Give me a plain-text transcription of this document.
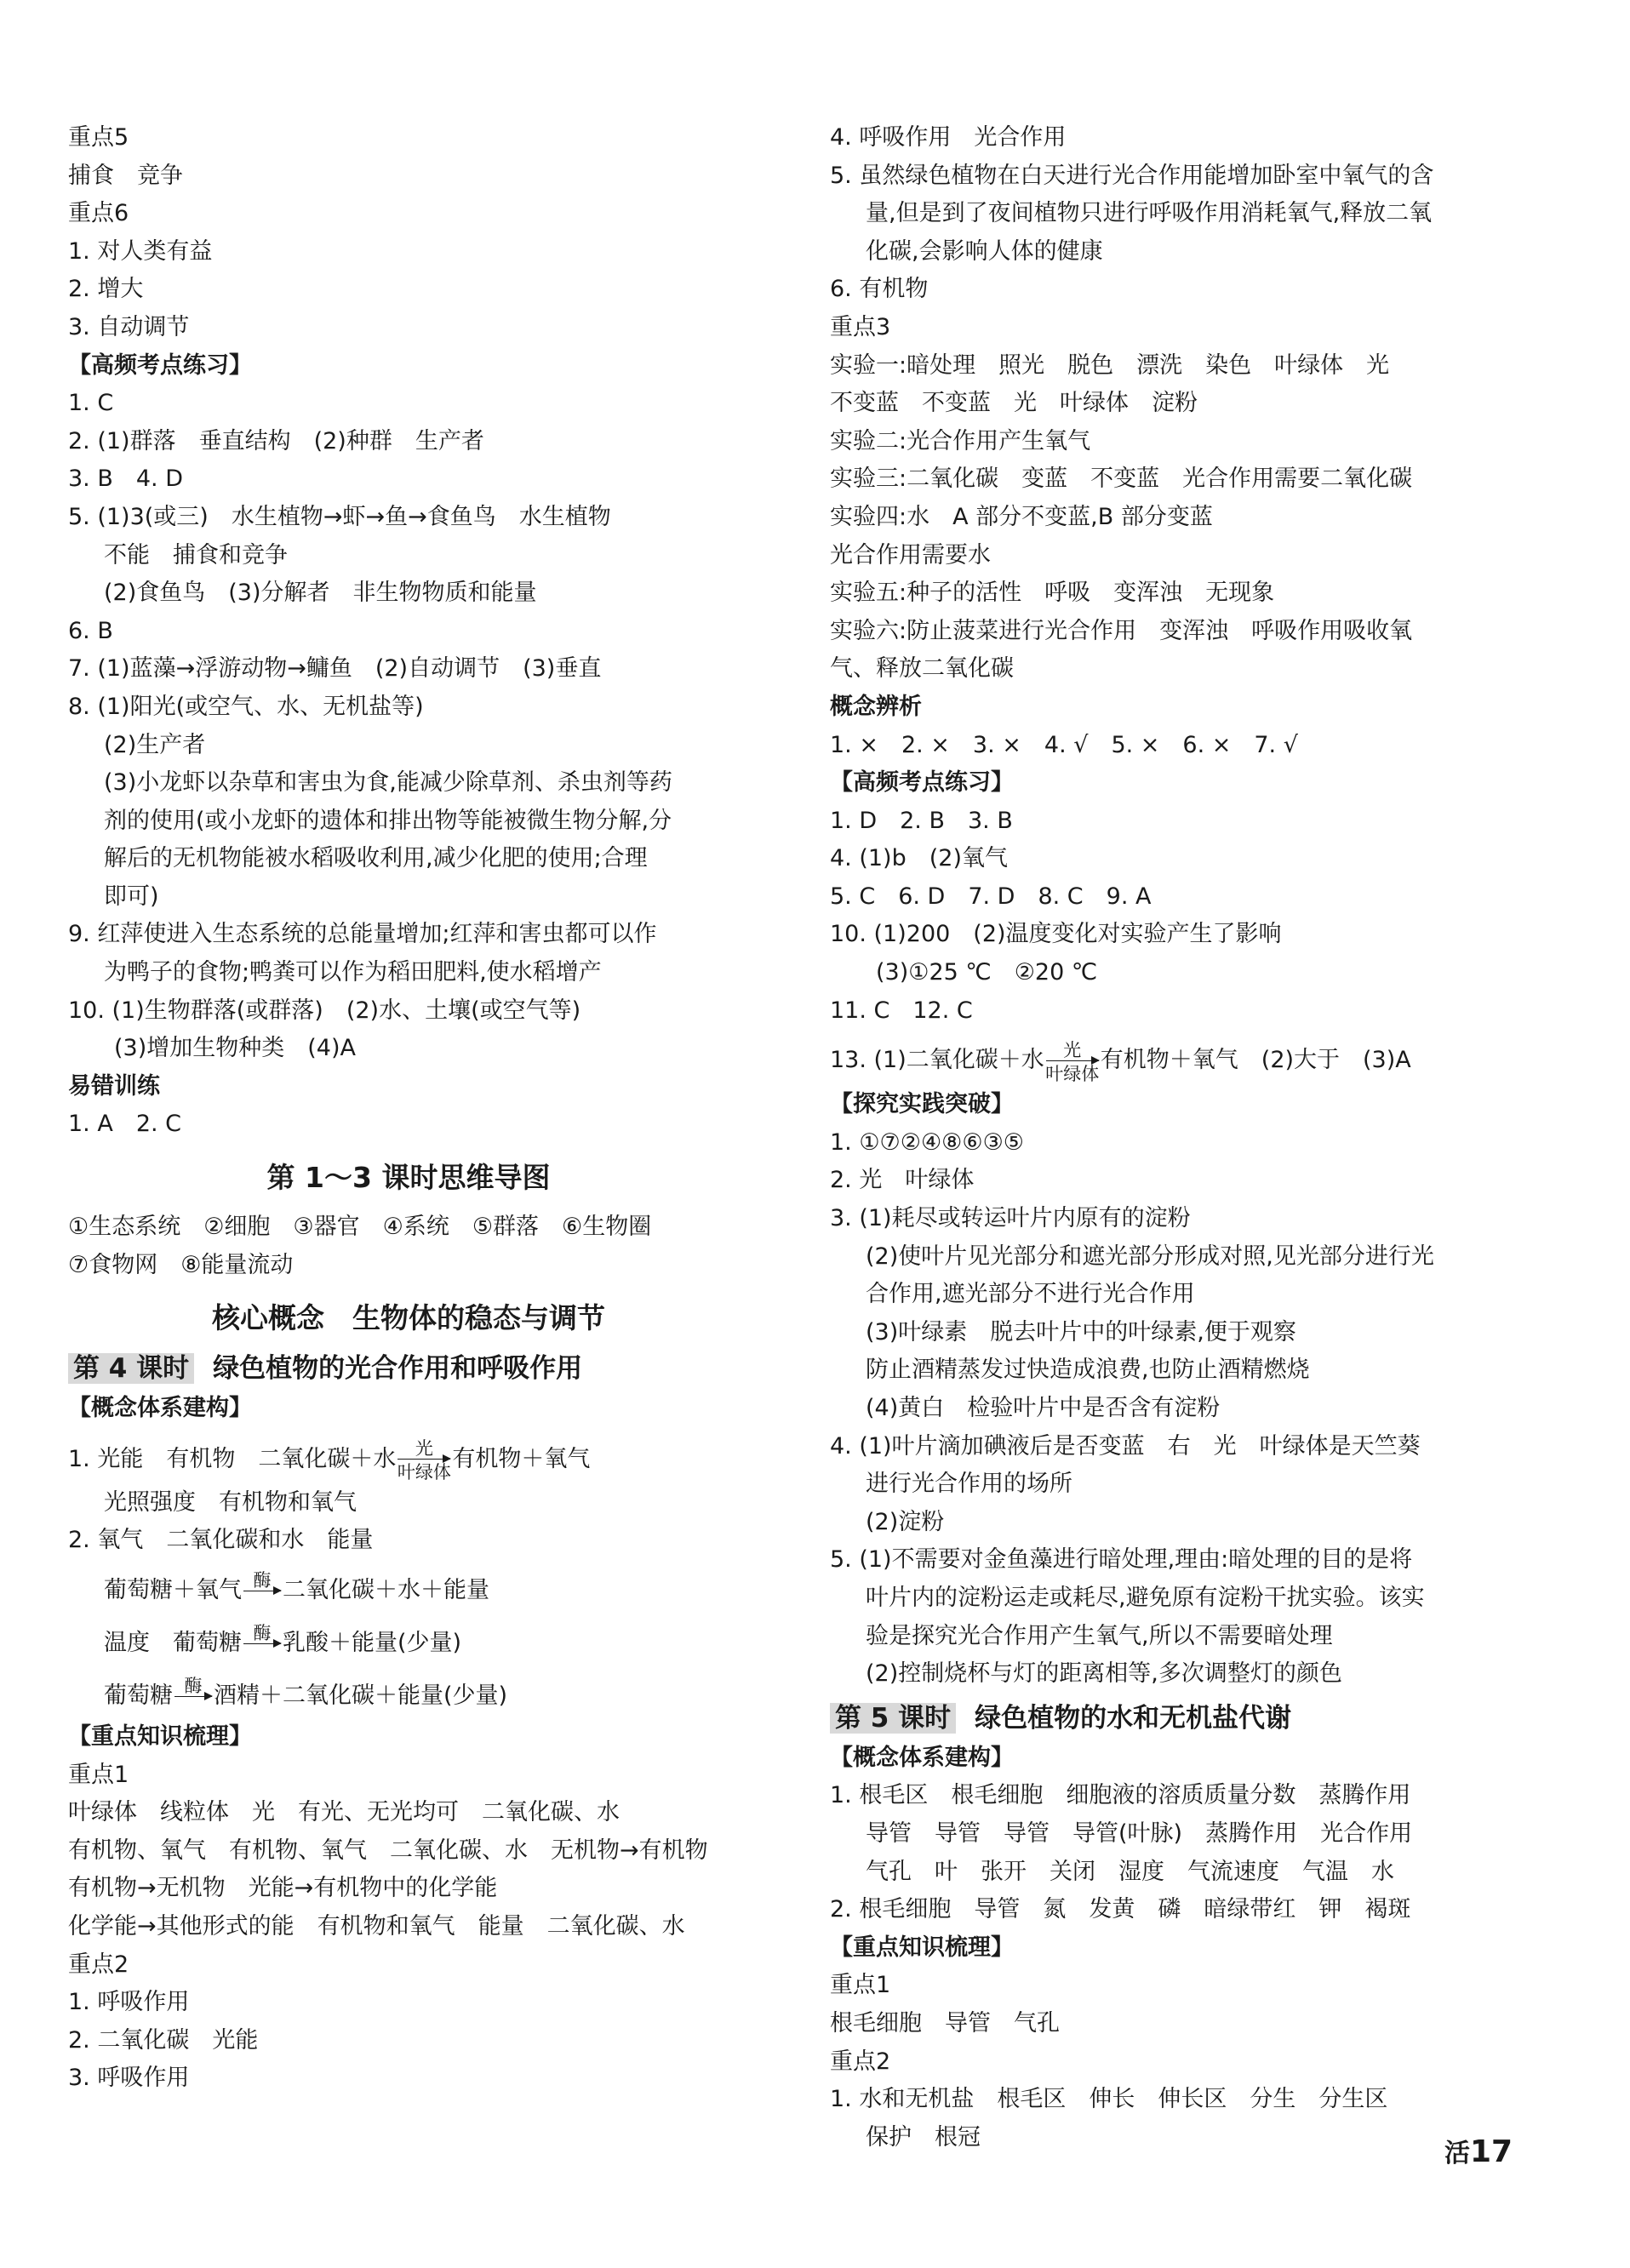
重点5
捕食　竞争
重点6
1. 对人类有益
2. 增大
3. 自动调节
【高频考点练习】
1. C
2. (1)群落　垂直结构　(2)种群　生产者
3. B　4. D
5. (1)3(或三)　水生植物→虾→鱼→食鱼鸟　水生植物
不能　捕食和竞争
(2)食鱼鸟　(3)分解者　非生物物质和能量
6. B
7. (1)蓝藻→浮游动物→鳙鱼　(2)自动调节　(3)垂直
8. (1)阳光(或空气、水、无机盐等)
(2)生产者
(3)小龙虾以杂草和害虫为食,能减少除草剂、杀虫剂等药
剂的使用(或小龙虾的遗体和排出物等能被微生物分解,分
解后的无机物能被水稻吸收利用,减少化肥的使用;合理
即可)
9. 红萍使进入生态系统的总能量增加;红萍和害虫都可以作
为鸭子的食物;鸭粪可以作为稻田肥料,使水稻增产
10. (1)生物群落(或群落)　(2)水、土壤(或空气等)
(3)增加生物种类　(4)A
易错训练
1. A　2. C
第 1～3 课时思维导图
①生态系统　②细胞　③器官　④系统　⑤群落　⑥生物圈
⑦食物网　⑧能量流动
核心概念　生物体的稳态与调节
第 4 课时 绿色植物的光合作用和呼吸作用
【概念体系建构】
1. 光能　有机物　二氧化碳＋水	光
叶绿体
有机物＋氧气
光照强度　有机物和氧气
2. 氧气　二氧化碳和水　能量
葡萄糖＋氧气 酶 二氧化碳＋水＋能量
温度　葡萄糖 酶 乳酸＋能量(少量)
葡萄糖 酶 酒精＋二氧化碳＋能量(少量)
【重点知识梳理】
重点1
叶绿体　线粒体　光　有光、无光均可　二氧化碳、水
有机物、氧气　有机物、氧气　二氧化碳、水　无机物→有机物
有机物→无机物　光能→有机物中的化学能
化学能→其他形式的能　有机物和氧气　能量　二氧化碳、水
重点2
1. 呼吸作用
2. 二氧化碳　光能
3. 呼吸作用
4. 呼吸作用　光合作用
5. 虽然绿色植物在白天进行光合作用能增加卧室中氧气的含
量,但是到了夜间植物只进行呼吸作用消耗氧气,释放二氧
化碳,会影响人体的健康
6. 有机物
重点3
实验一:暗处理　照光　脱色　漂洗　染色　叶绿体　光
不变蓝　不变蓝　光　叶绿体　淀粉
实验二:光合作用产生氧气
实验三:二氧化碳　变蓝　不变蓝　光合作用需要二氧化碳
实验四:水　A 部分不变蓝,B 部分变蓝
光合作用需要水
实验五:种子的活性　呼吸　变浑浊　无现象
实验六:防止菠菜进行光合作用　变浑浊　呼吸作用吸收氧
气、释放二氧化碳
概念辨析
1. ×　2. ×　3. ×　4. √　5. ×　6. ×　7. √
【高频考点练习】
1. D　2. B　3. B
4. (1)b　(2)氧气
5. C　6. D　7. D　8. C　9. A
10. (1)200　(2)温度变化对实验产生了影响
(3)①25 ℃　②20 ℃
11. C　12. C
13. (1)二氧化碳＋水	光
叶绿体
有机物＋氧气　(2)大于　(3)A
【探究实践突破】
1. ①⑦②④⑧⑥③⑤
2. 光　叶绿体
3. (1)耗尽或转运叶片内原有的淀粉
(2)使叶片见光部分和遮光部分形成对照,见光部分进行光
合作用,遮光部分不进行光合作用
(3)叶绿素　脱去叶片中的叶绿素,便于观察
防止酒精蒸发过快造成浪费,也防止酒精燃烧
(4)黄白　检验叶片中是否含有淀粉
4. (1)叶片滴加碘液后是否变蓝　右　光　叶绿体是天竺葵
进行光合作用的场所
(2)淀粉
5. (1)不需要对金鱼藻进行暗处理,理由:暗处理的目的是将
叶片内的淀粉运走或耗尽,避免原有淀粉干扰实验。该实
验是探究光合作用产生氧气,所以不需要暗处理
(2)控制烧杯与灯的距离相等,多次调整灯的颜色
第 5 课时 绿色植物的水和无机盐代谢
【概念体系建构】
1. 根毛区　根毛细胞　细胞液的溶质质量分数　蒸腾作用
导管　导管　导管　导管(叶脉)　蒸腾作用　光合作用
气孔　叶　张开　关闭　湿度　气流速度　气温　水
2. 根毛细胞　导管　氮　发黄　磷　暗绿带红　钾　褐斑
【重点知识梳理】
重点1
根毛细胞　导管　气孔
重点2
1. 水和无机盐　根毛区　伸长　伸长区　分生　分生区
保护　根冠
活17
